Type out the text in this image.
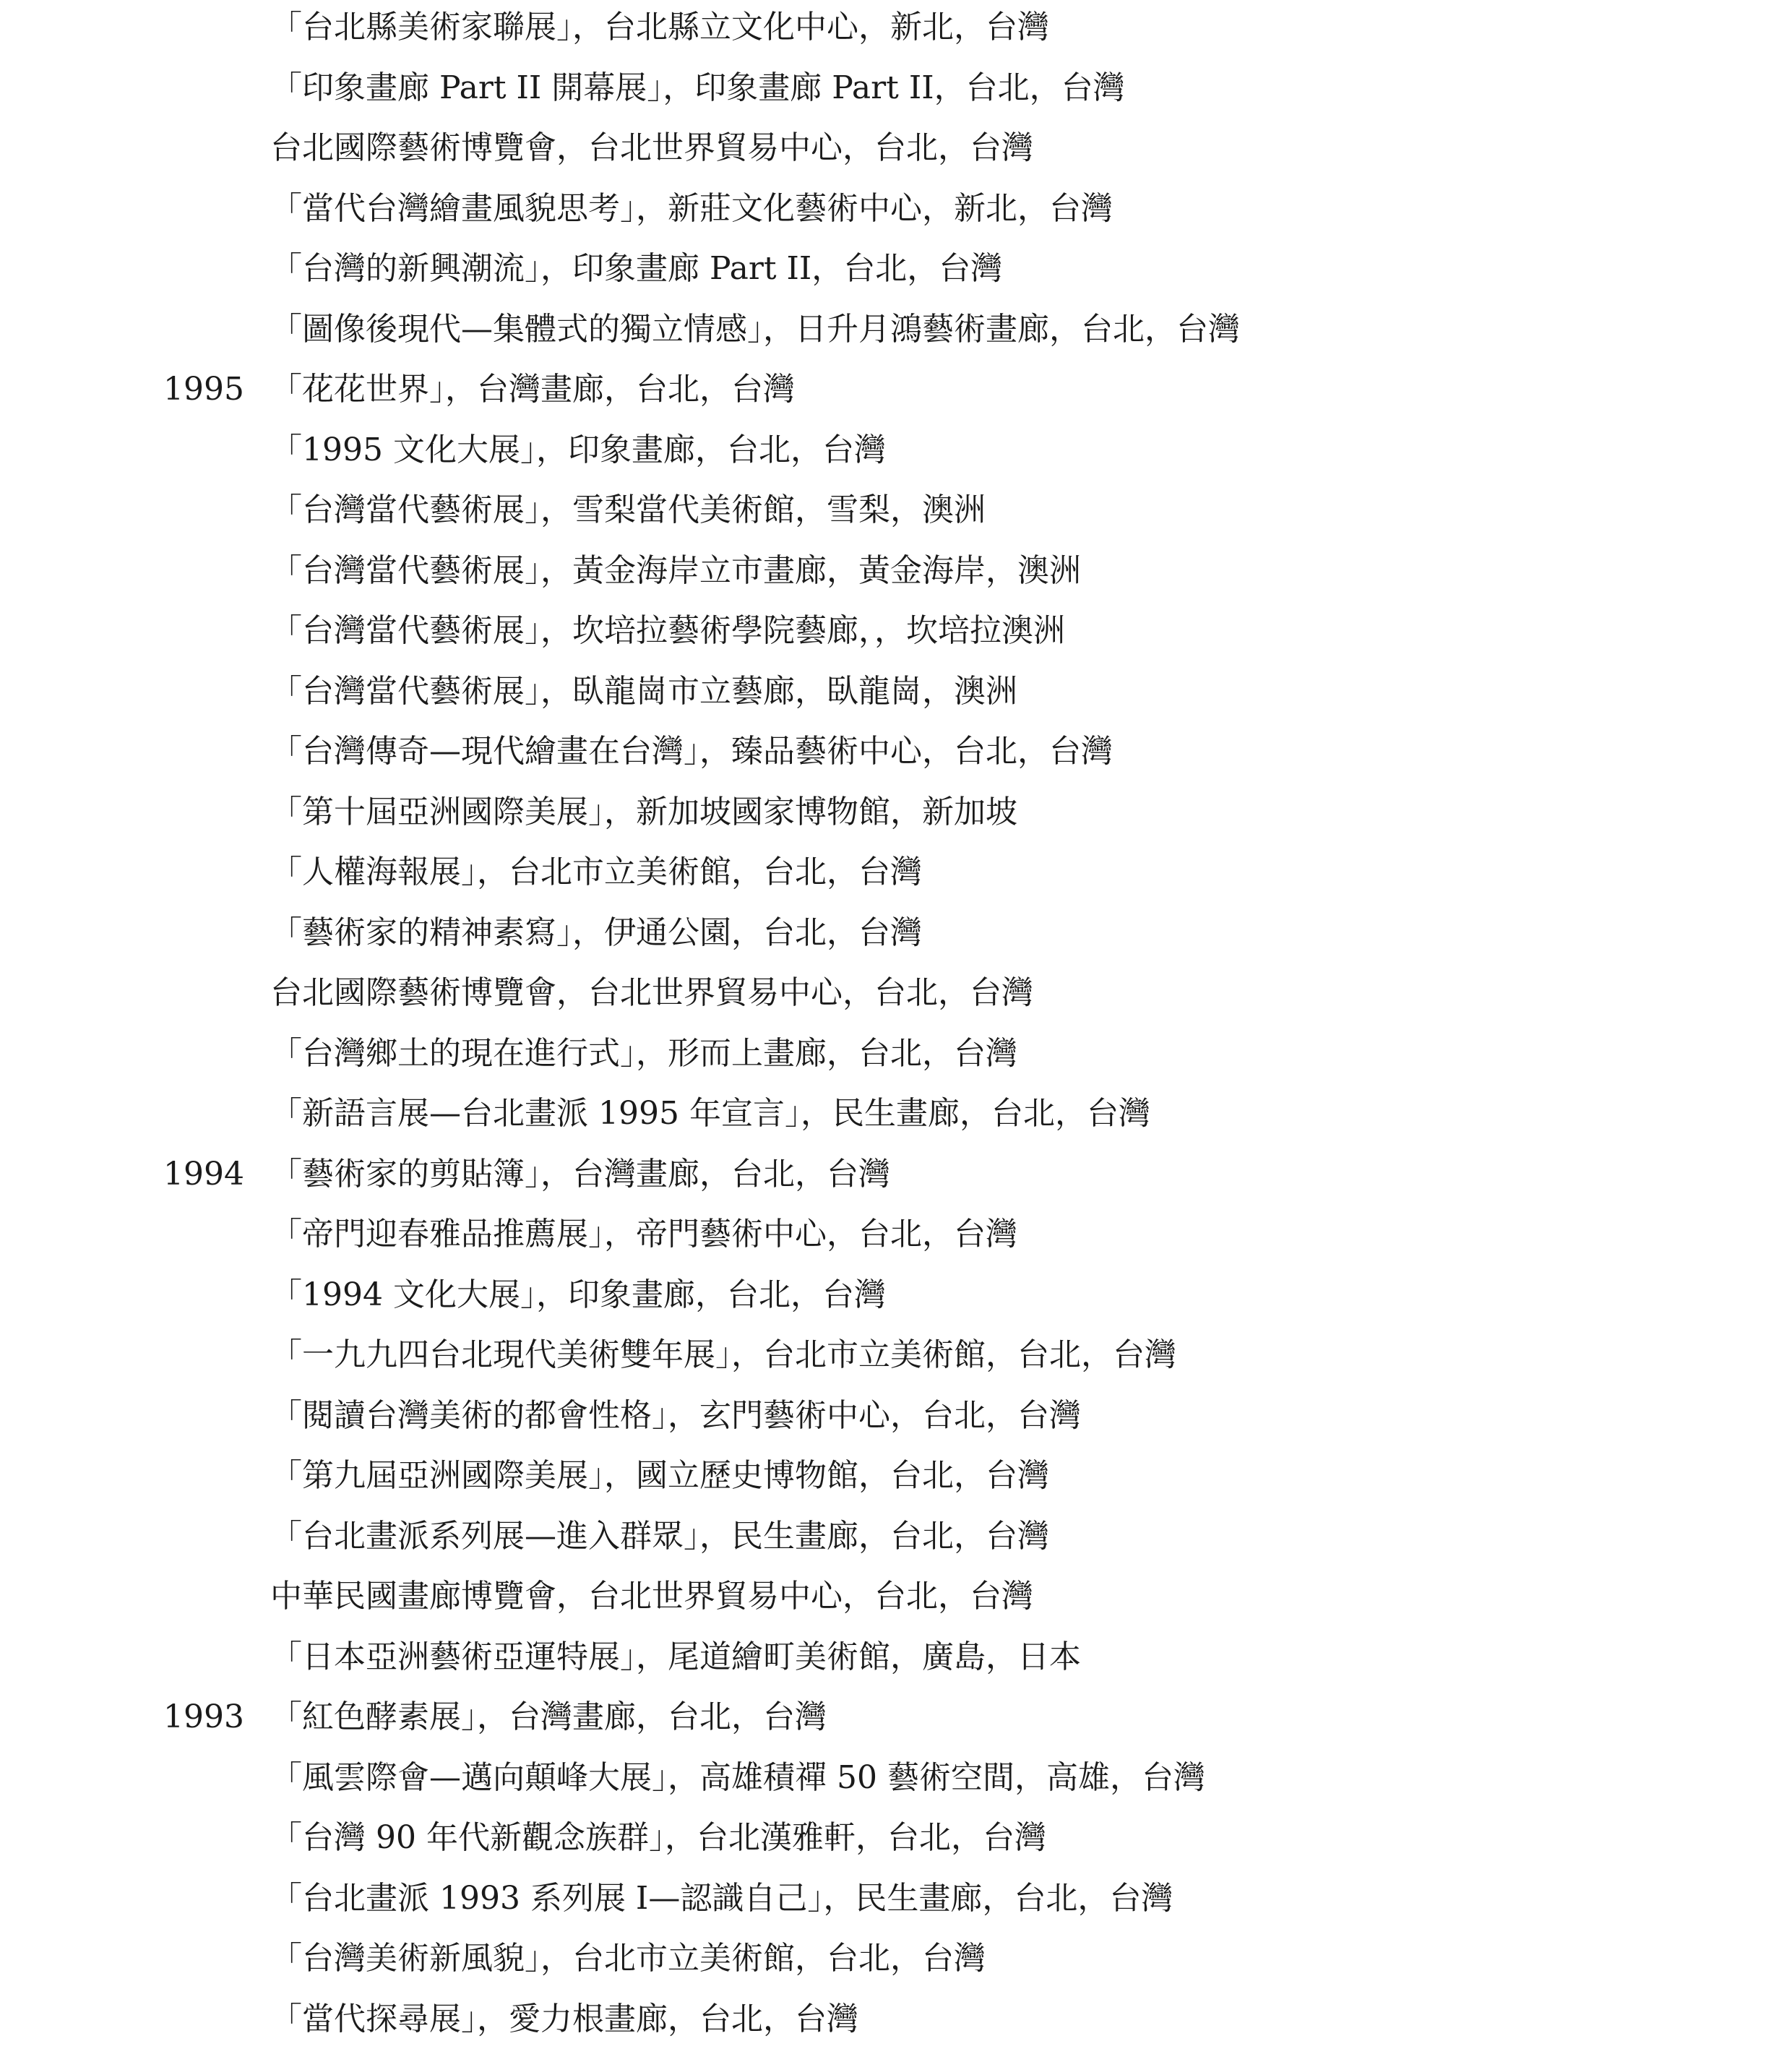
「台北縣美術家聯展」，台北縣立文化中心，新北，台灣
「印象畫廊 Part II 開幕展」，印象畫廊 Part II，台北，台灣
台北國際藝術博覽會，台北世界貿易中心，台北，台灣
「當代台灣繪畫風貌思考」，新莊文化藝術中心，新北，台灣
「台灣的新興潮流」，印象畫廊 Part II，台北，台灣
「圖像後現代—集體式的獨立情感」，日升月鴻藝術畫廊，台北，台灣
1995 「花花世界」，台灣畫廊，台北，台灣
「1995 文化大展」，印象畫廊，台北，台灣
「台灣當代藝術展」，雪梨當代美術館，雪梨，澳洲
「台灣當代藝術展」，黃金海岸立市畫廊，黃金海岸，澳洲
「台灣當代藝術展」，坎培拉藝術學院藝廊，，坎培拉澳洲
「台灣當代藝術展」，臥龍崗市立藝廊，臥龍崗，澳洲
「台灣傳奇—現代繪畫在台灣」，臻品藝術中心，台北，台灣
「第十屆亞洲國際美展」，新加坡國家博物館，新加坡
「人權海報展」，台北市立美術館，台北，台灣
「藝術家的精神素寫」，伊通公園，台北，台灣
台北國際藝術博覽會，台北世界貿易中心，台北，台灣
「台灣鄉土的現在進行式」，形而上畫廊，台北，台灣
「新語言展—台北畫派 1995 年宣言」，民生畫廊，台北，台灣
1994 「藝術家的剪貼簿」，台灣畫廊，台北，台灣
「帝門迎春雅品推薦展」，帝門藝術中心，台北，台灣
「1994 文化大展」，印象畫廊，台北，台灣
「一九九四台北現代美術雙年展」，台北市立美術館，台北，台灣
「閱讀台灣美術的都會性格」，玄門藝術中心，台北，台灣
「第九屆亞洲國際美展」，國立歷史博物館，台北，台灣
「台北畫派系列展—進入群眾」，民生畫廊，台北，台灣
中華民國畫廊博覽會，台北世界貿易中心，台北，台灣
「日本亞洲藝術亞運特展」，尾道繪町美術館，廣島，日本
1993 「紅色酵素展」，台灣畫廊，台北，台灣
「風雲際會—邁向顛峰大展」，高雄積禪 50 藝術空間，高雄，台灣
「台灣 90 年代新觀念族群」，台北漢雅軒，台北，台灣
「台北畫派 1993 系列展 I—認識自己」，民生畫廊，台北，台灣
「台灣美術新風貌」，台北市立美術館，台北，台灣
「當代探尋展」，愛力根畫廊，台北，台灣
